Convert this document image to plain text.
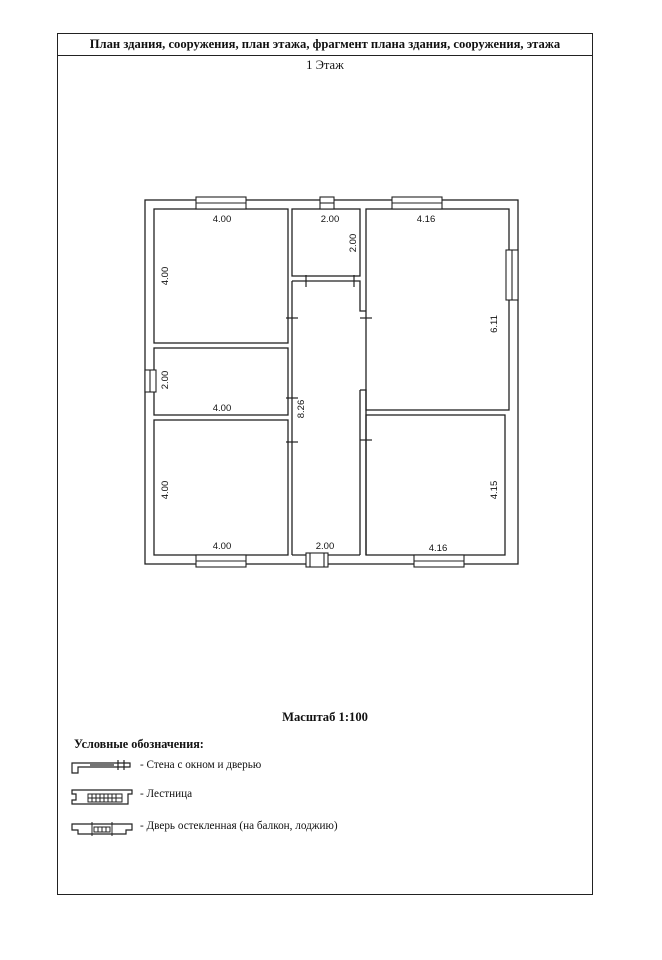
План здания, сооружения, план этажа, фрагмент плана здания, сооружения, этажа
1 Этаж
Масштаб 1:100
Условные обозначения:
- Стена с окном и дверью
- Лестница
- Дверь остекленная (на балкон, лоджию)
4.00
4.00
2.00
2.00
4.16
6.11
2.00
4.00	8.26
4.00
4.00	2.00
4.15
4.16
